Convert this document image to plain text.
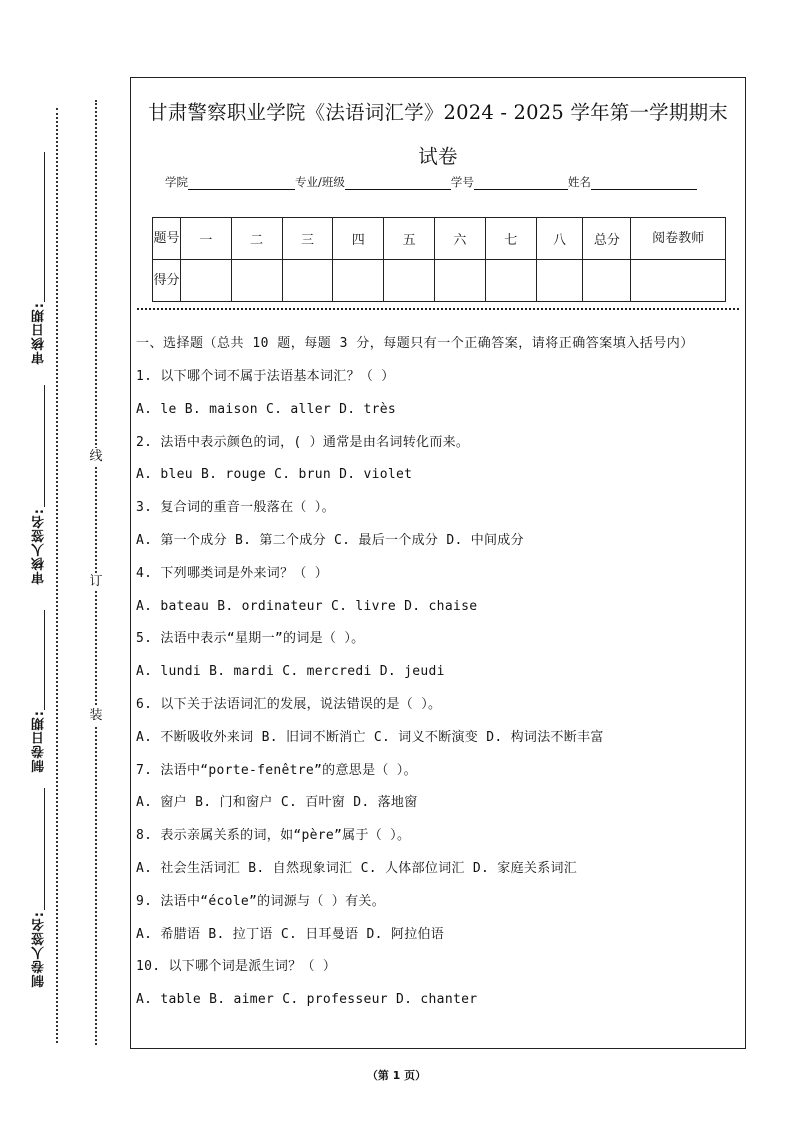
审核日期:
审核人签名:
制卷日期:
制卷人签名:
线
订
装
甘肃警察职业学院《法语词汇学》2024 - 2025 学年第一学期期末
试卷
学院	专业/班级	学号	姓名
题号	一	二	三	四	五	六	七	八	总分	阅卷教师
得分										
一、选择题（总共 10 题，每题 3 分，每题只有一个正确答案，请将正确答案填入括号内）
1. 以下哪个词不属于法语基本词汇？（ ）
A. le B. maison C. aller D. très
2. 法语中表示颜色的词，( ）通常是由名词转化而来。
A. bleu B. rouge C. brun D. violet
3. 复合词的重音一般落在（ ）。
A. 第一个成分 B. 第二个成分 C. 最后一个成分 D. 中间成分
4. 下列哪类词是外来词？（ ）
A. bateau B. ordinateur C. livre D. chaise
5. 法语中表示“星期一”的词是（ ）。
A. lundi B. mardi C. mercredi D. jeudi
6. 以下关于法语词汇的发展，说法错误的是（ ）。
A. 不断吸收外来词 B. 旧词不断消亡 C. 词义不断演变 D. 构词法不断丰富
7. 法语中“porte-fenêtre”的意思是（ ）。
A. 窗户 B. 门和窗户 C. 百叶窗 D. 落地窗
8. 表示亲属关系的词，如“père”属于（ ）。
A. 社会生活词汇 B. 自然现象词汇 C. 人体部位词汇 D. 家庭关系词汇
9. 法语中“école”的词源与（ ）有关。
A. 希腊语 B. 拉丁语 C. 日耳曼语 D. 阿拉伯语
10. 以下哪个词是派生词？（ ）
A. table B. aimer C. professeur D. chanter
（第 1 页）
